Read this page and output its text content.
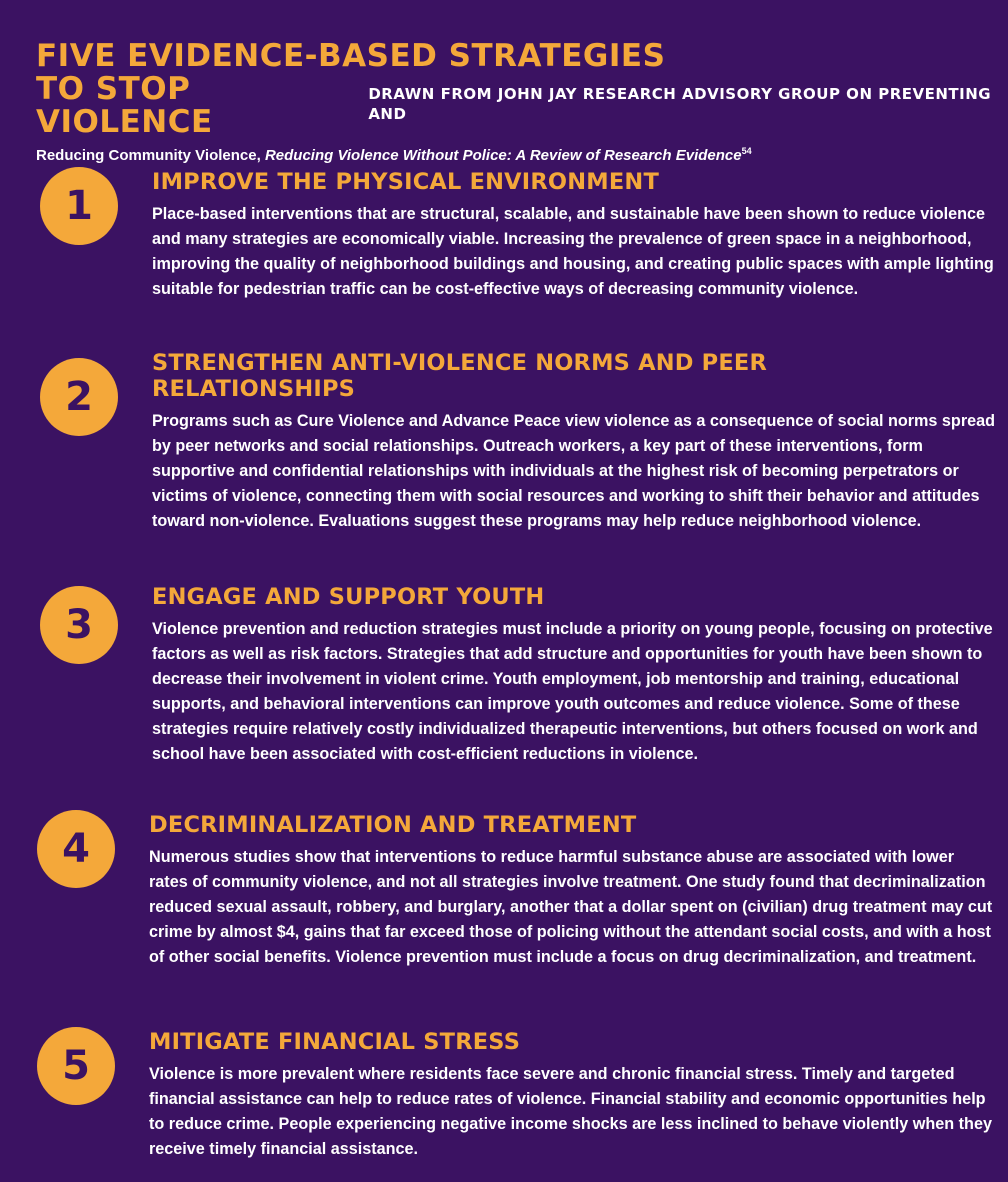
FIVE EVIDENCE-BASED STRATEGIES
TO STOP VIOLENCE
DRAWN FROM JOHN JAY RESEARCH ADVISORY GROUP ON PREVENTING AND
Reducing Community Violence, Reducing Violence Without Police: A Review of Research Evidence$^{54}$
1
IMPROVE THE PHYSICAL ENVIRONMENT

Place-based interventions that are structural, scalable, and sustainable have been shown to reduce violence and many strategies are economically viable. Increasing the prevalence of green space in a neighborhood, improving the quality of neighborhood buildings and housing, and creating public spaces with ample lighting suitable for pedestrian traffic can be cost-effective ways of decreasing community violence.

2
STRENGTHEN ANTI-VIOLENCE NORMS AND PEER RELATIONSHIPS

Programs such as Cure Violence and Advance Peace view violence as a consequence of social norms spread by peer networks and social relationships. Outreach workers, a key part of these interventions, form supportive and confidential relationships with individuals at the highest risk of becoming perpetrators or victims of violence, connecting them with social resources and working to shift their behavior and attitudes toward non-violence. Evaluations suggest these programs may help reduce neighborhood violence.

3
ENGAGE AND SUPPORT YOUTH

Violence prevention and reduction strategies must include a priority on young people, focusing on protective factors as well as risk factors. Strategies that add structure and opportunities for youth have been shown to decrease their involvement in violent crime. Youth employment, job mentorship and training, educational supports, and behavioral interventions can improve youth outcomes and reduce violence. Some of these strategies require relatively costly individualized therapeutic interventions, but others focused on work and school have been associated with cost-efficient reductions in violence.

4
DECRIMINALIZATION AND TREATMENT

Numerous studies show that interventions to reduce harmful substance abuse are associated with lower rates of community violence, and not all strategies involve treatment. One study found that decriminalization reduced sexual assault, robbery, and burglary, another that a dollar spent on (civilian) drug treatment may cut crime by almost $4, gains that far exceed those of policing without the attendant social costs, and with a host of other social benefits. Violence prevention must include a focus on drug decriminalization, and treatment.

5
MITIGATE FINANCIAL STRESS

Violence is more prevalent where residents face severe and chronic financial stress. Timely and targeted financial assistance can help to reduce rates of violence. Financial stability and economic opportunities help to reduce crime. People experiencing negative income shocks are less inclined to behave violently when they receive timely financial assistance.
